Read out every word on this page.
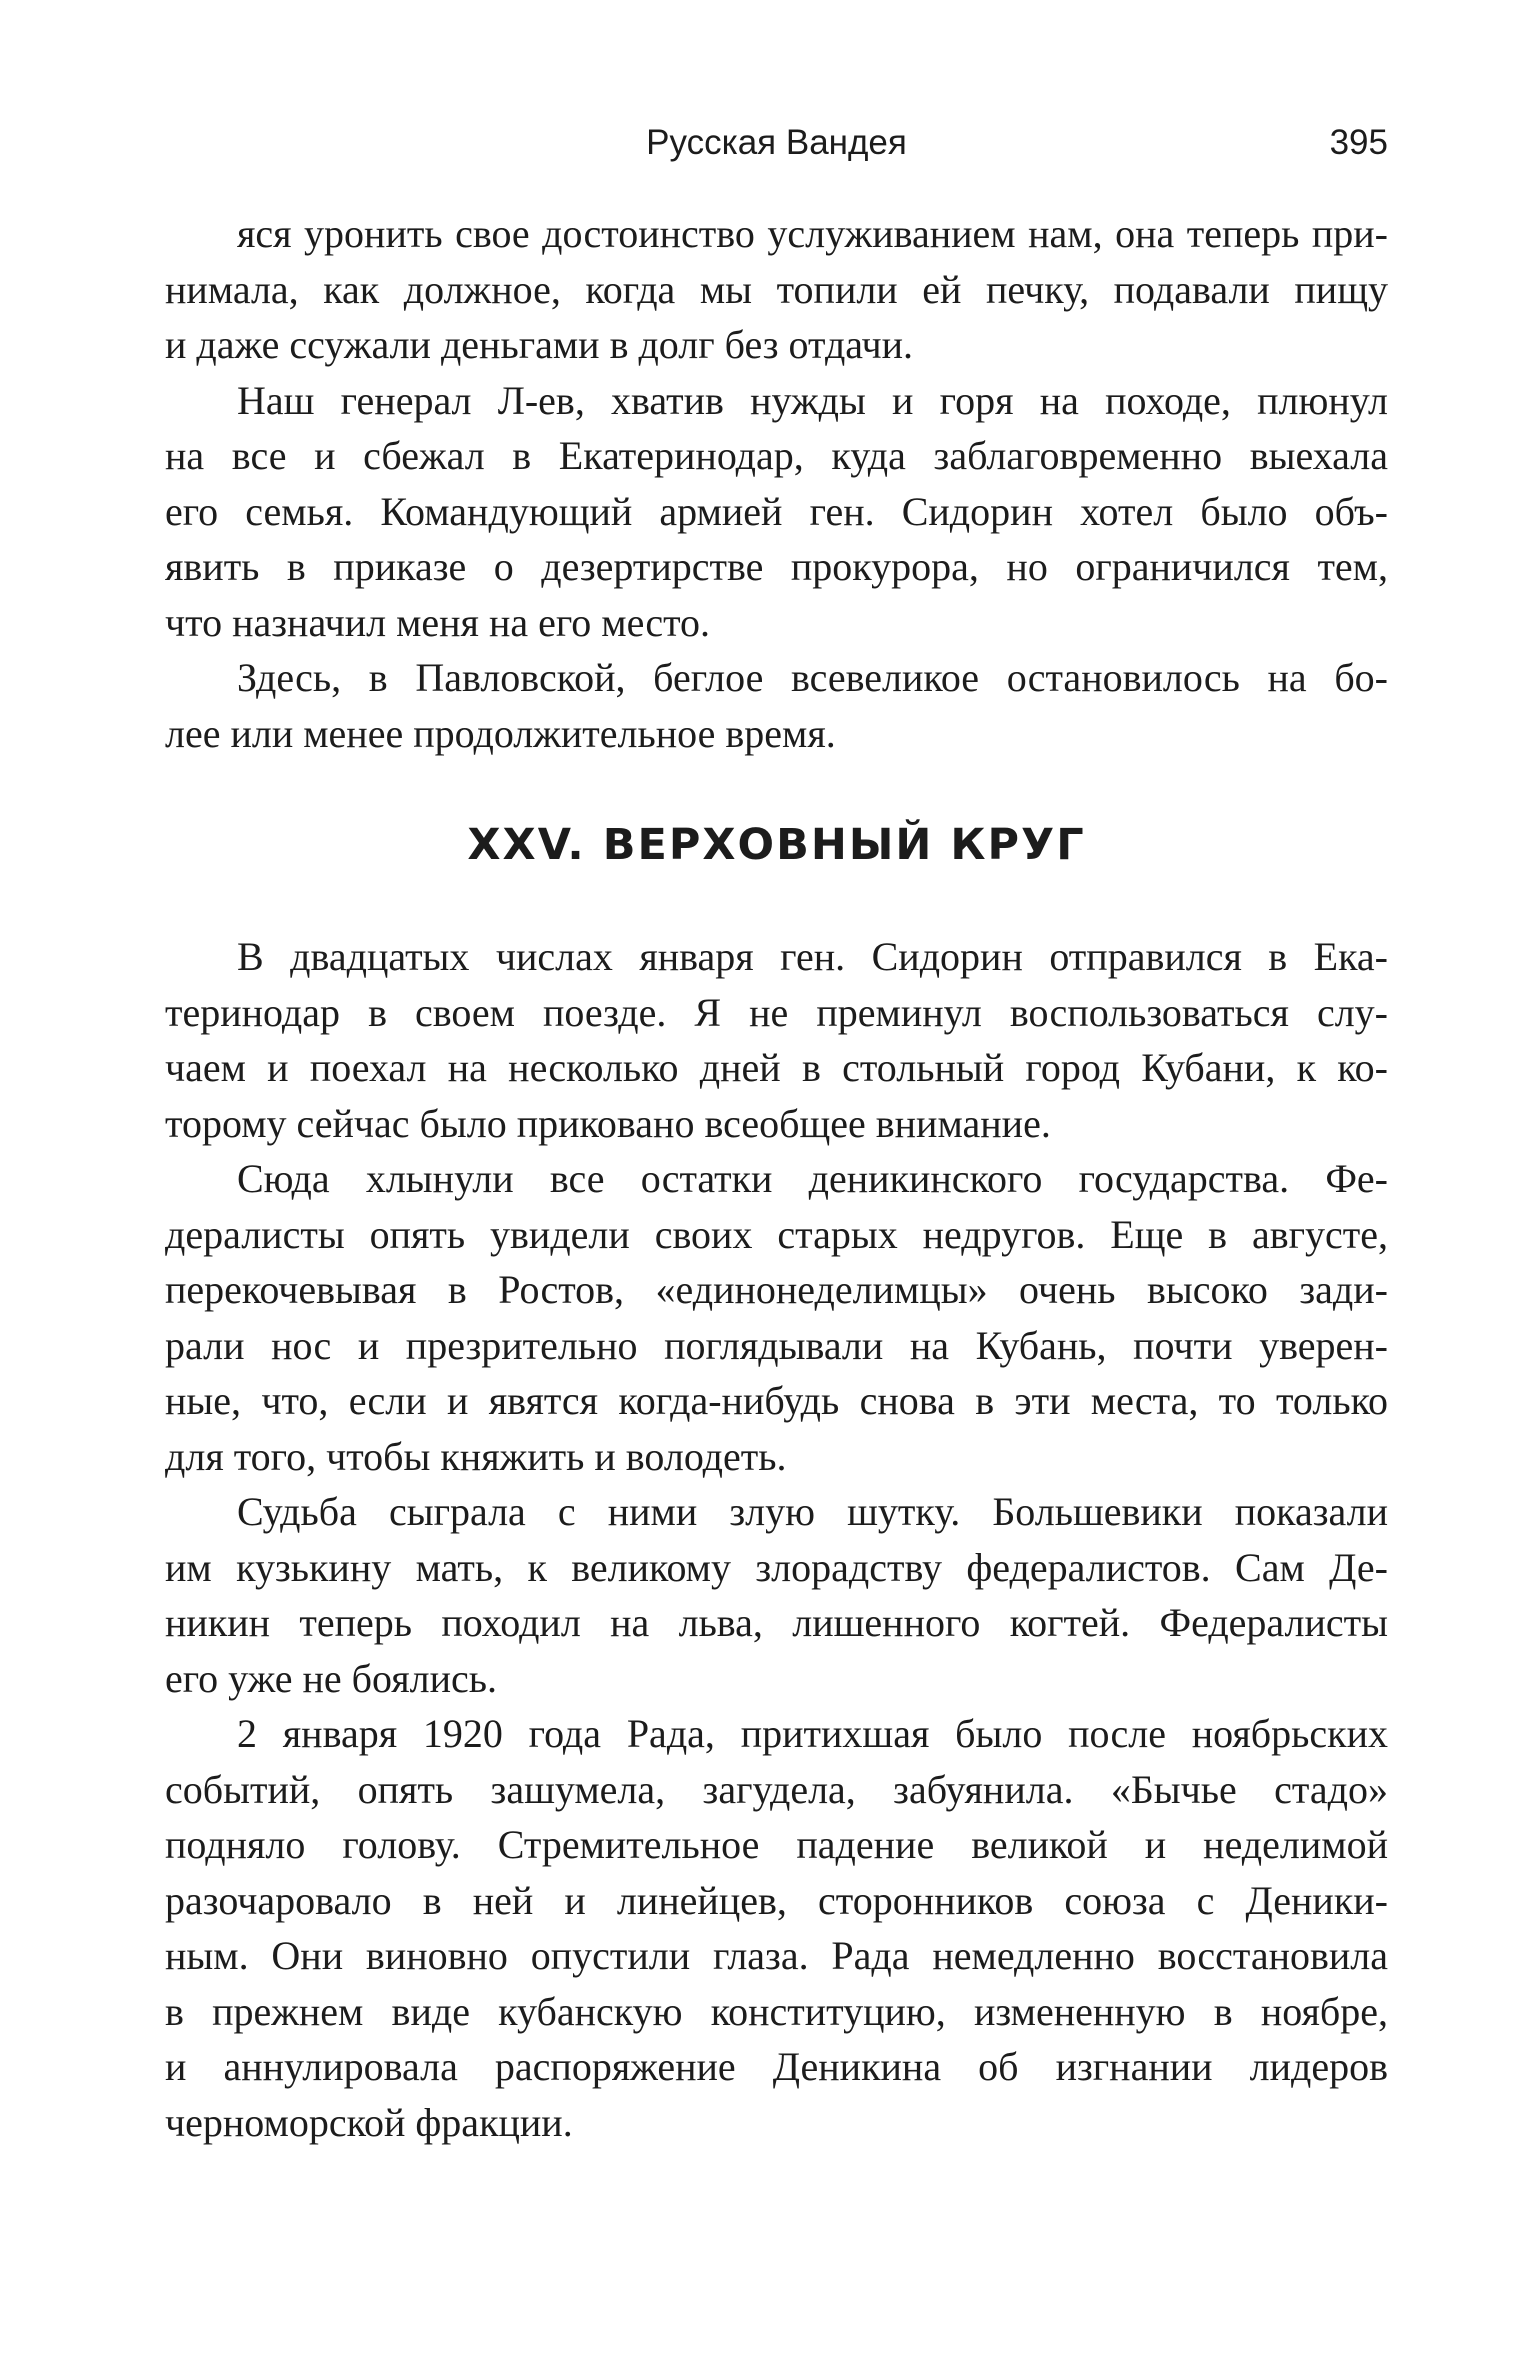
Русская Вандея	395
яся уронить свое достоинство услуживанием нам, она теперь при-
нимала, как должное, когда мы топили ей печку, подавали пищу
и даже ссужали деньгами в долг без отдачи.
Наш генерал Л-ев, хватив нужды и горя на походе, плюнул
на все и сбежал в Екатеринодар, куда заблаговременно выехала
его семья. Командующий армией ген. Сидорин хотел было объ-
явить в приказе о дезертирстве прокурора, но ограничился тем,
что назначил меня на его место.
Здесь, в Павловской, беглое всевеликое остановилось на бо-
лее или менее продолжительное время.
XXV. ВЕРХОВНЫЙ КРУГ
В двадцатых числах января ген. Сидорин отправился в Ека-
теринодар в своем поезде. Я не преминул воспользоваться слу-
чаем и поехал на несколько дней в стольный город Кубани, к ко-
торому сейчас было приковано всеобщее внимание.
Сюда хлынули все остатки деникинского государства. Фе-
дералисты опять увидели своих старых недругов. Еще в августе,
перекочевывая в Ростов, «единонеделимцы» очень высоко зади-
рали нос и презрительно поглядывали на Кубань, почти уверен-
ные, что, если и явятся когда-нибудь снова в эти места, то только
для того, чтобы княжить и володеть.
Судьба сыграла с ними злую шутку. Большевики показали
им кузькину мать, к великому злорадству федералистов. Сам Де-
никин теперь походил на льва, лишенного когтей. Федералисты
его уже не боялись.
2 января 1920 года Рада, притихшая было после ноябрьских
событий, опять зашумела, загудела, забуянила. «Бычье стадо»
подняло голову. Стремительное падение великой и неделимой
разочаровало в ней и линейцев, сторонников союза с Деники-
ным. Они виновно опустили глаза. Рада немедленно восстановила
в прежнем виде кубанскую конституцию, измененную в ноябре,
и аннулировала распоряжение Деникина об изгнании лидеров
черноморской фракции.
